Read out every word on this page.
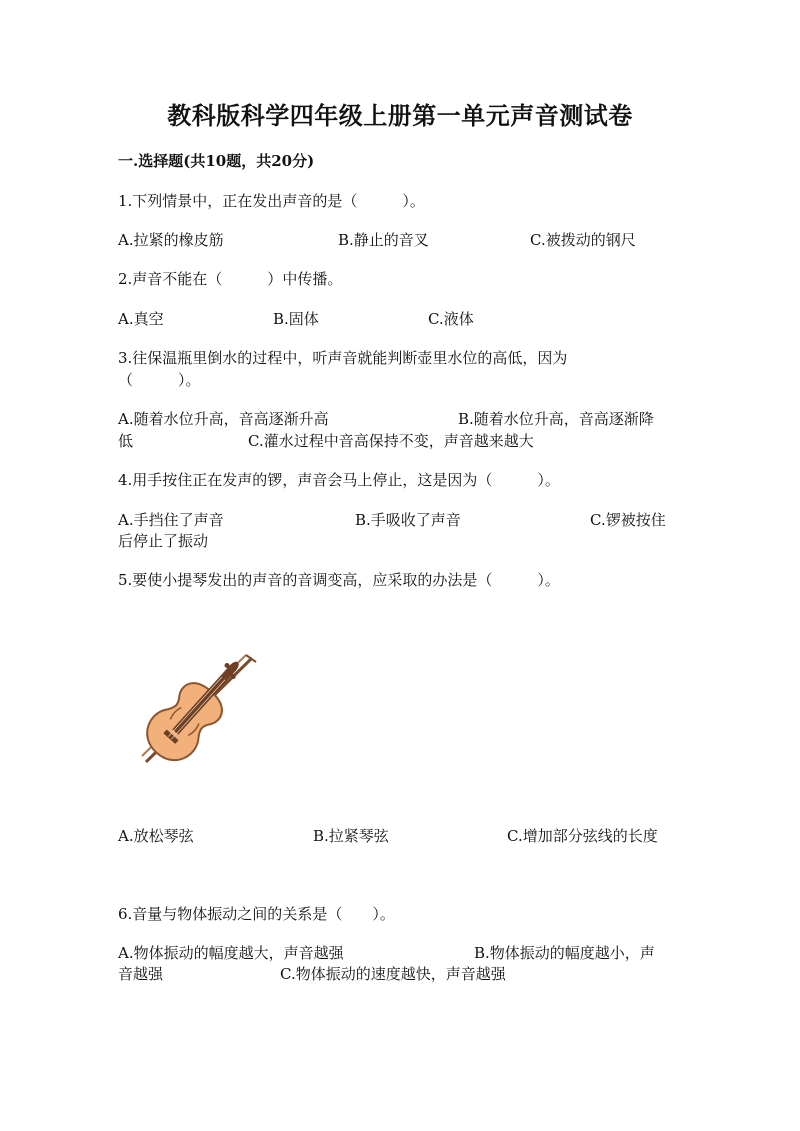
教科版科学四年级上册第一单元声音测试卷
一.选择题(共10题，共20分)
1.下列情景中，正在发出声音的是（　　　）。
A.拉紧的橡皮筋	B.静止的音叉	C.被拨动的钢尺
2.声音不能在（　　　）中传播。
A.真空	B.固体	C.液体
3.往保温瓶里倒水的过程中，听声音就能判断壶里水位的高低，因为
（　　　）。
A.随着水位升高，音高逐渐升高	B.随着水位升高，音高逐渐降
低	C.灌水过程中音高保持不变，声音越来越大
4.用手按住正在发声的锣，声音会马上停止，这是因为（　　　）。
A.手挡住了声音	B.手吸收了声音	C.锣被按住
后停止了振动
5.要使小提琴发出的声音的音调变高，应采取的办法是（　　　）。
A.放松琴弦	B.拉紧琴弦	C.增加部分弦线的长度
6.音量与物体振动之间的关系是（　　）。
A.物体振动的幅度越大，声音越强	B.物体振动的幅度越小，声
音越强	C.物体振动的速度越快，声音越强
